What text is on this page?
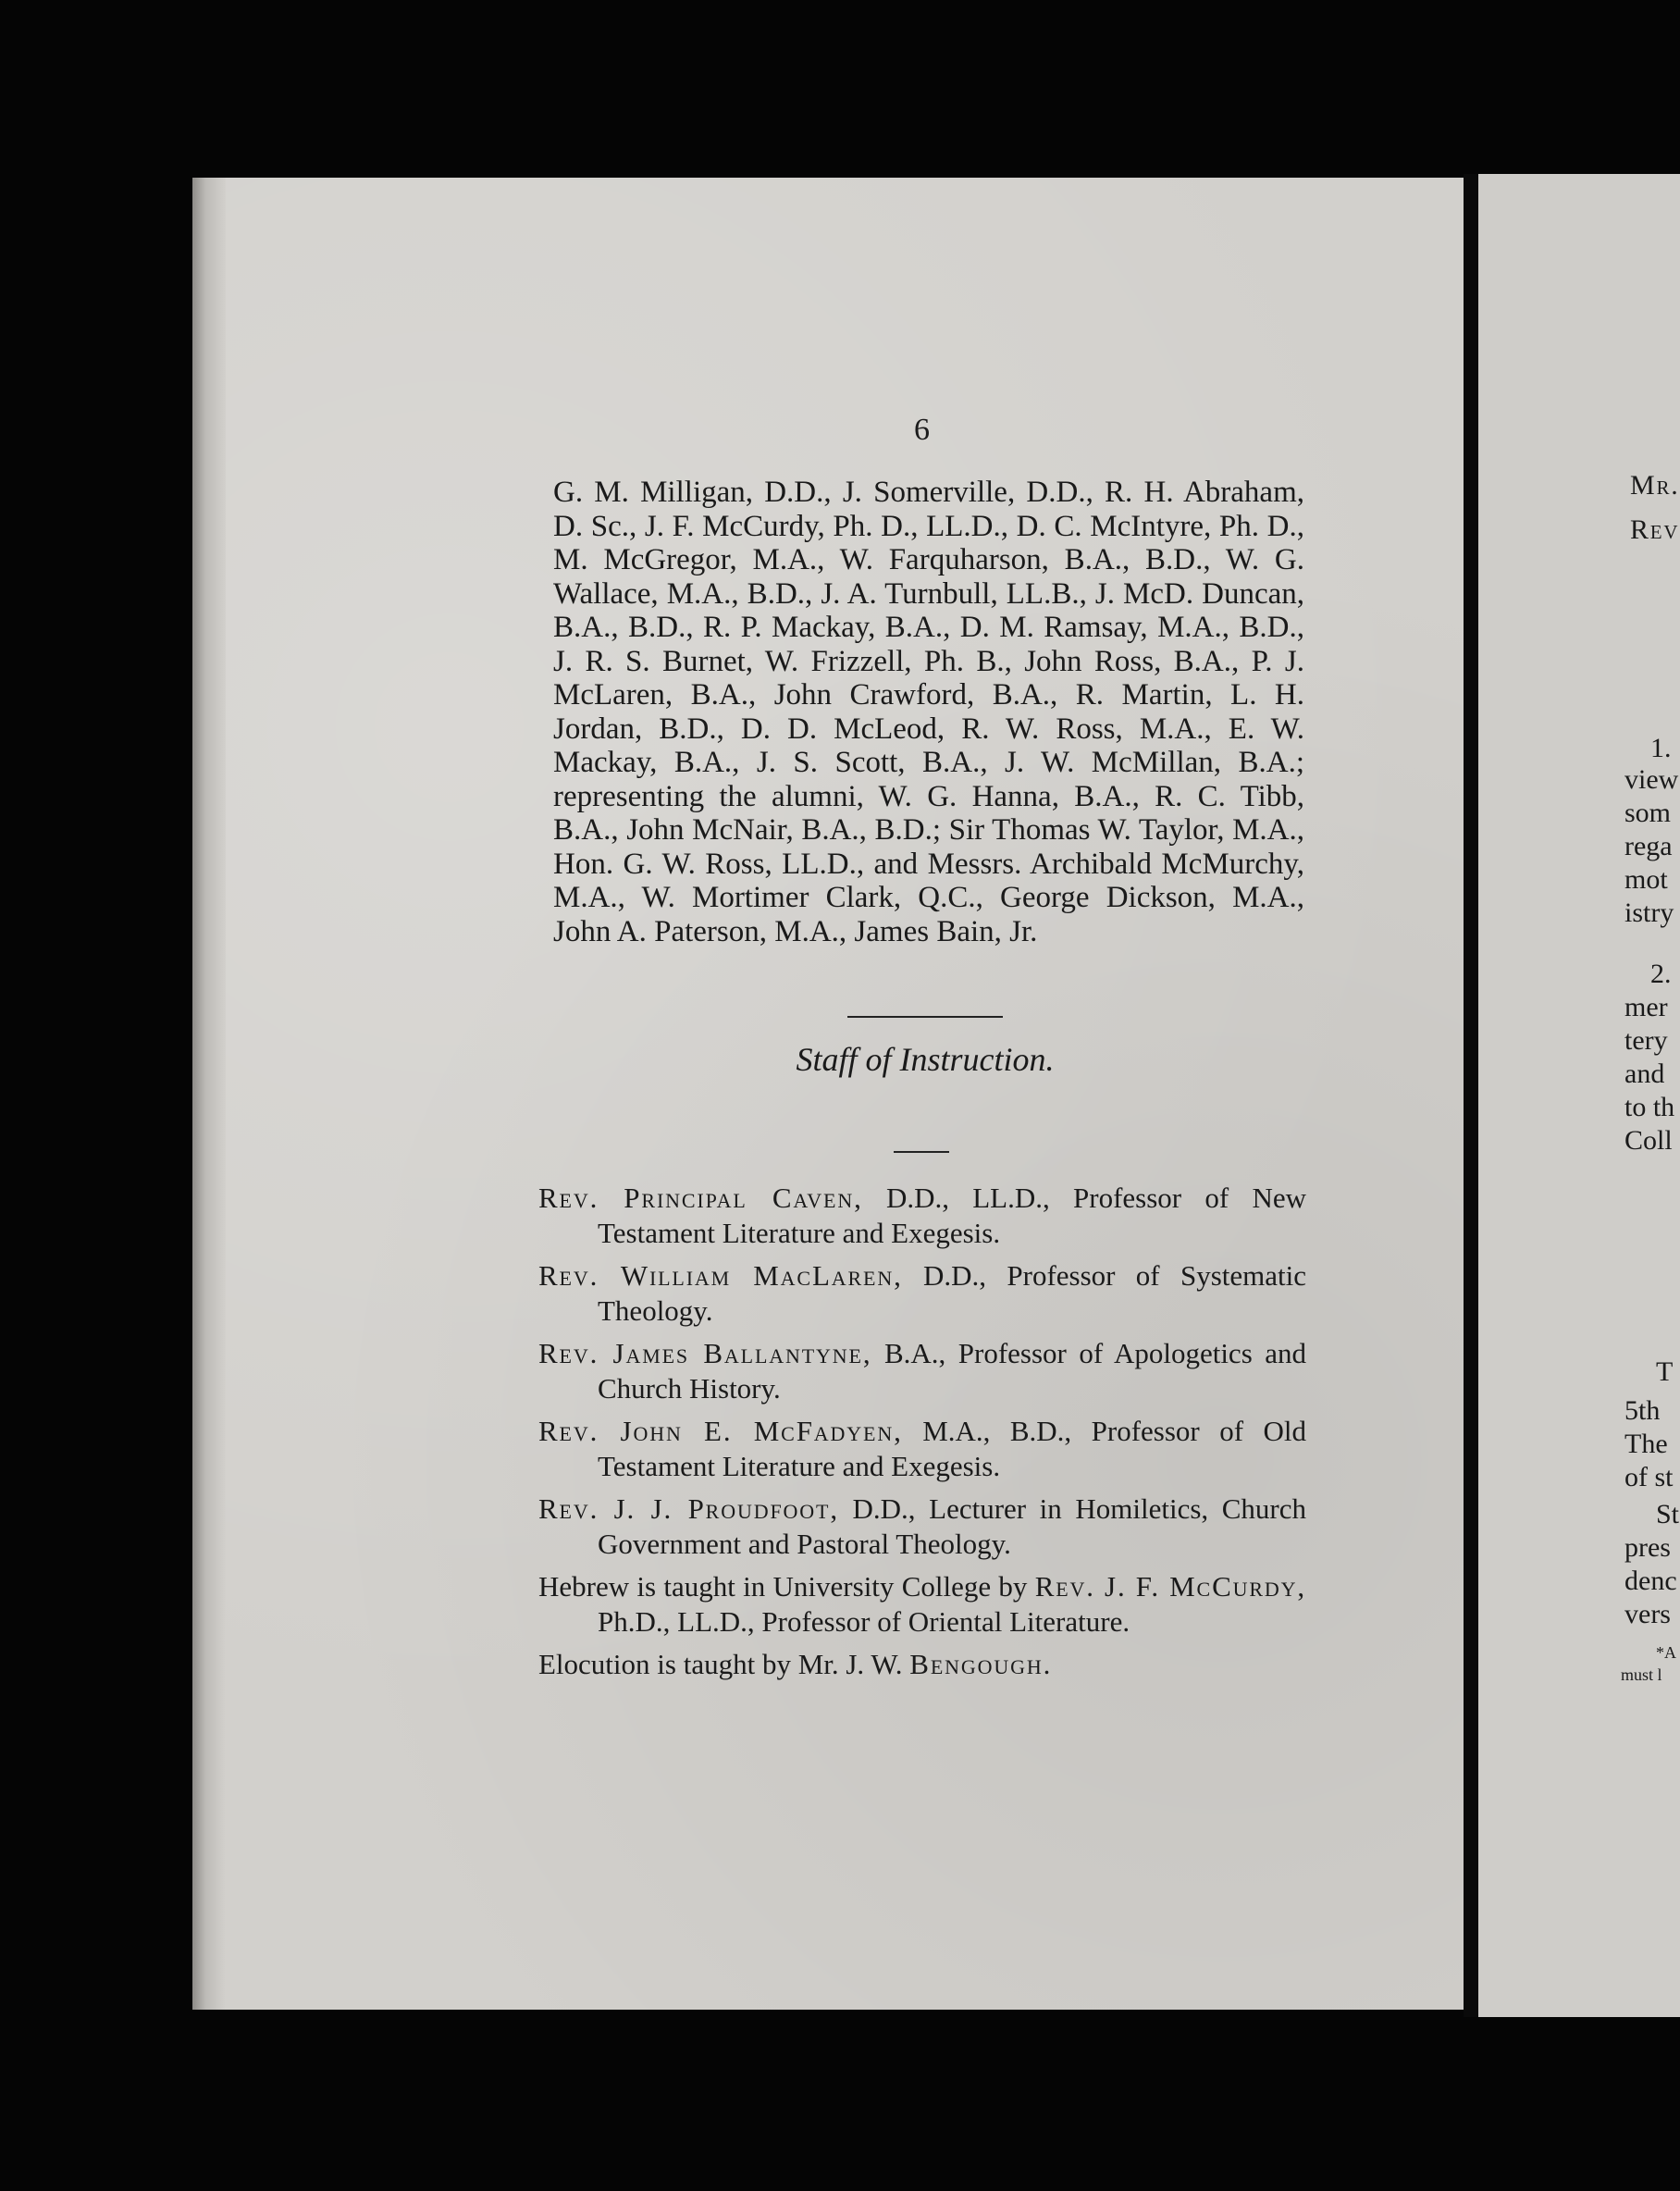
6
G. M. Milligan, D.D., J. Somerville, D.D., R. H. Abraham, D. Sc., J. F. McCurdy, Ph. D., LL.D., D. C. McIntyre, Ph. D., M. McGregor, M.A., W. Farquharson, B.A., B.D., W. G. Wallace, M.A., B.D., J. A. Turnbull, LL.B., J. McD. Duncan, B.A., B.D., R. P. Mackay, B.A., D. M. Ramsay, M.A., B.D., J. R. S. Burnet, W. Frizzell, Ph. B., John Ross, B.A., P. J. McLaren, B.A., John Crawford, B.A., R. Martin, L. H. Jordan, B.D., D. D. McLeod, R. W. Ross, M.A., E. W. Mackay, B.A., J. S. Scott, B.A., J. W. McMillan, B.A.; representing the alumni, W. G. Hanna, B.A., R. C. Tibb, B.A., John McNair, B.A., B.D.; Sir Thomas W. Taylor, M.A., Hon. G. W. Ross, LL.D., and Messrs. Archibald McMurchy, M.A., W. Mortimer Clark, Q.C., George Dickson, M.A., John A. Paterson, M.A., James Bain, Jr.
Staff of Instruction.
Rev. Principal Caven, D.D., LL.D., Professor of New Testament Literature and Exegesis.
Rev. William MacLaren, D.D., Professor of Systematic Theology.
Rev. James Ballantyne, B.A., Professor of Apologetics and Church History.
Rev. John E. McFadyen, M.A., B.D., Professor of Old Testament Literature and Exegesis.
Rev. J. J. Proudfoot, D.D., Lecturer in Homiletics, Church Government and Pastoral Theology.
Hebrew is taught in University College by Rev. J. F. McCurdy, Ph.D., LL.D., Professor of Oriental Literature.
Elocution is taught by Mr. J. W. Bengough.
Mr.
Rev
1.
view
som
rega
mot
istry
2.
mer
tery
and
to th
Coll
T
5th
The
of st
St
pres
denc
vers
*A
must l
